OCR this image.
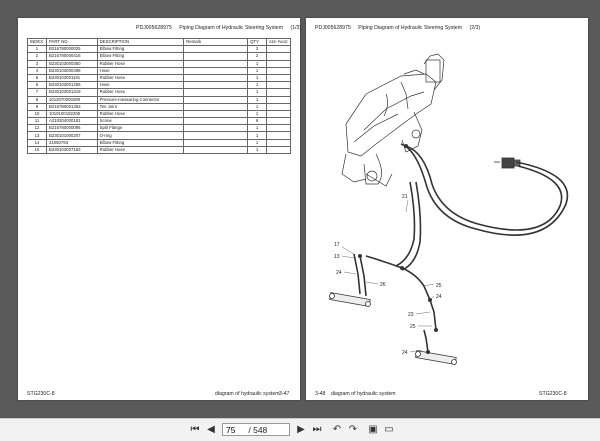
PDJ005628975 Piping Diagram of Hydraulic Steering System (1/3)
INDEX	PART NO.	DESCRIPTION	Remark	QTY	SEE PAGE
1	B216780000025	Elbow Fitting		2	
2	B216780000416	Elbow Fitting		2	
3	B230103000350	Rubber Hose		1	
4	B230103000498	Hose		1	
5	B230103001191	Rubber Hose		1	
6	B230103001256	Hose		1	
7	B230103001319	Rubber Hose		1	
8	1012070000289	Pressure-measuring Connector		1	
9	B216780001353	Tee Joint		1	
10	1010100182209	Rubber Hose		1	
11	A210204000181	Screw		6	
12	B216780000096	Split Flange		1	
13	B230101000207	O-ring		1	
14	21050793	Elbow Fitting		1	
15	B230103007183	Rubber Hose		1	
STG230C-8	diagram of hydraulic system 3-47
PDJ005628975 Piping Diagram of Hydraulic Steering System (2/3)
21
17
13
25
24
26
24
23
25
24
3-48 diagram of hydraulic system	STG230C-8
⏮ ◀
75	/ 548	▶ ⏭ ↶ ↷ ▣ ▭
